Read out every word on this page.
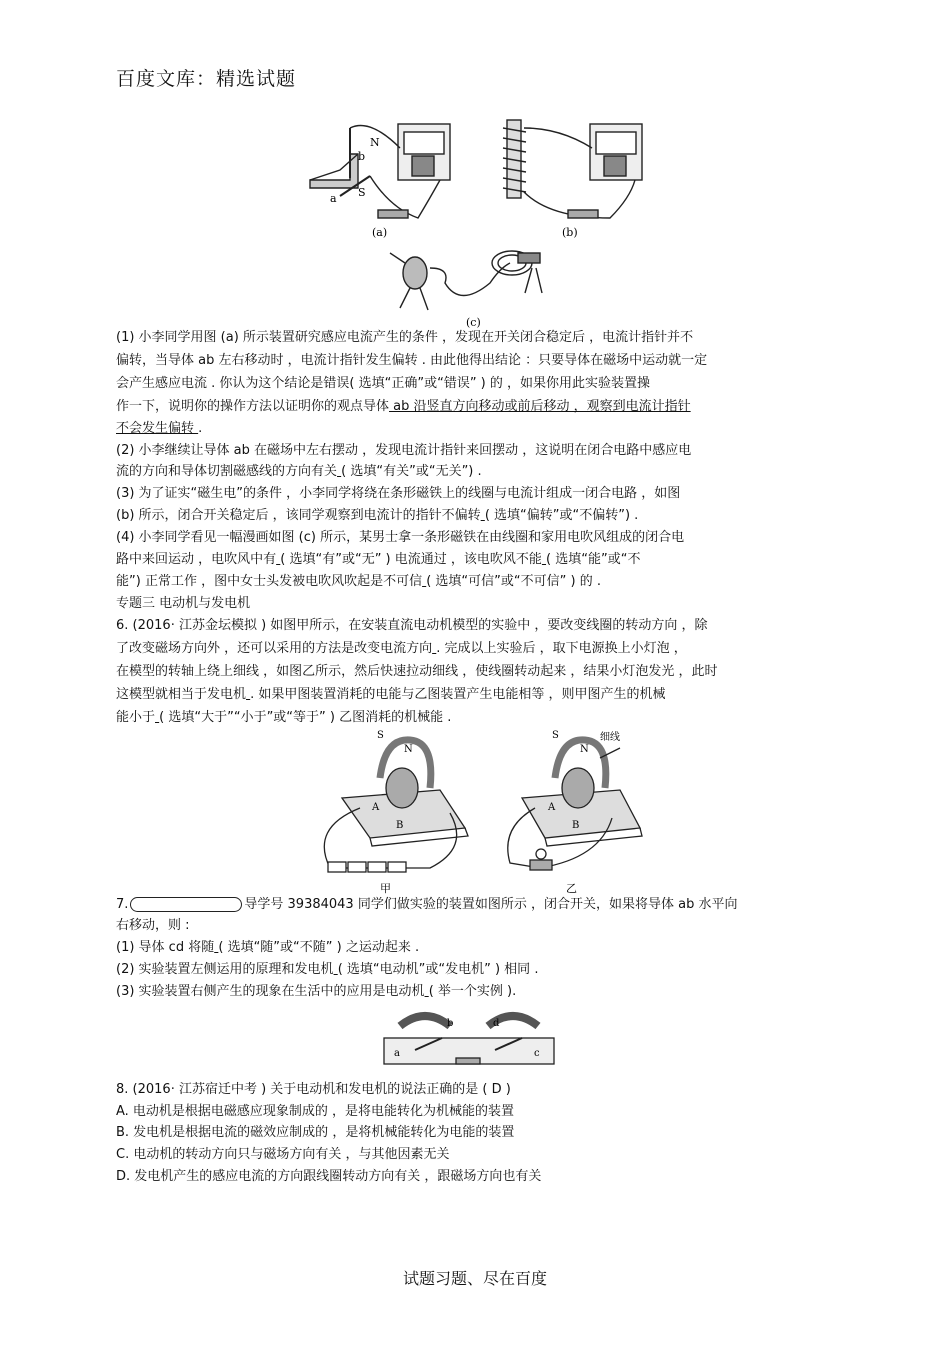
百度文库：精选试题
N
b
a S
(a)	(b)
(c)
S
N
A
B
甲
S
N
细线
A
B
乙
b	d
a	c
(1) 小李同学用图 (a) 所示装置研究感应电流产生的条件 ，发现在开关闭合稳定后 ，电流计指针并不
偏转，当导体 ab 左右移动时 ，电流计指针发生偏转 . 由此他得出结论 ：只要导体在磁场中运动就一定
会产生感应电流 . 你认为这个结论是错误( 选填“正确”或“错误” ) 的 ，如果你用此实验装置操
作一下，说明你的操作方法以证明你的观点导体 ab 沿竖直方向移动或前后移动 ，观察到电流计指针
不会发生偏转 .
(2) 小李继续让导体 ab 在磁场中左右摆动 ，发现电流计指针来回摆动 ，这说明在闭合电路中感应电
流的方向和导体切割磁感线的方向有关 ( 选填“有关”或“无关”) .
(3) 为了证实“磁生电”的条件 ，小李同学将绕在条形磁铁上的线圈与电流计组成一闭合电路 ，如图
(b) 所示，闭合开关稳定后 ，该同学观察到电流计的指针不偏转 ( 选填“偏转”或“不偏转”) .
(4) 小李同学看见一幅漫画如图 (c) 所示，某男士拿一条形磁铁在由线圈和家用电吹风组成的闭合电
路中来回运动 ，电吹风中有 ( 选填“有”或“无” ) 电流通过 ，该电吹风不能 ( 选填“能”或“不
能”) 正常工作 ，图中女士头发被电吹风吹起是不可信 ( 选填“可信”或“不可信” ) 的 .
专题三 电动机与发电机
6. (2016· 江苏金坛模拟 ) 如图甲所示，在安装直流电动机模型的实验中 ，要改变线圈的转动方向 ，除
了改变磁场方向外 ，还可以采用的方法是改变电流方向 . 完成以上实验后 ，取下电源换上小灯泡 ，
在模型的转轴上绕上细线 ，如图乙所示，然后快速拉动细线 ，使线圈转动起来 ，结果小灯泡发光 ，此时
这模型就相当于发电机 . 如果甲图装置消耗的电能与乙图装置产生电能相等 ，则甲图产生的机械
能小于 ( 选填“大于”“小于”或“等于” ) 乙图消耗的机械能 .
7.	导学号 39384043 同学们做实验的装置如图所示 ，闭合开关，如果将导体 ab 水平向
右移动，则 :
(1) 导体 cd 将随 ( 选填“随”或“不随” ) 之运动起来 .
(2) 实验装置左侧运用的原理和发电机 ( 选填“电动机”或“发电机” ) 相同 .
(3) 实验装置右侧产生的现象在生活中的应用是电动机 ( 举一个实例 ).
8. (2016· 江苏宿迁中考 ) 关于电动机和发电机的说法正确的是 ( D )
A. 电动机是根据电磁感应现象制成的 ，是将电能转化为机械能的装置
B. 发电机是根据电流的磁效应制成的 ，是将机械能转化为电能的装置
C. 电动机的转动方向只与磁场方向有关 ，与其他因素无关
D. 发电机产生的感应电流的方向跟线圈转动方向有关 ，跟磁场方向也有关
试题习题、尽在百度
